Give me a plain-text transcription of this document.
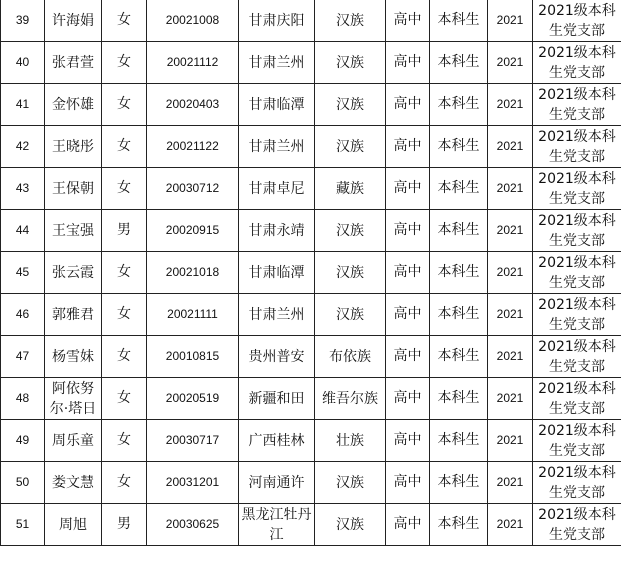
39	许海娟	女	20021008	甘肃庆阳	汉族	高中	本科生	2021	2021级本科生党支部
40	张君萱	女	20021112	甘肃兰州	汉族	高中	本科生	2021	2021级本科生党支部
41	金怀雄	女	20020403	甘肃临潭	汉族	高中	本科生	2021	2021级本科生党支部
42	王晓彤	女	20021122	甘肃兰州	汉族	高中	本科生	2021	2021级本科生党支部
43	王保朝	女	20030712	甘肃卓尼	藏族	高中	本科生	2021	2021级本科生党支部
44	王宝强	男	20020915	甘肃永靖	汉族	高中	本科生	2021	2021级本科生党支部
45	张云霞	女	20021018	甘肃临潭	汉族	高中	本科生	2021	2021级本科生党支部
46	郭雅君	女	20021111	甘肃兰州	汉族	高中	本科生	2021	2021级本科生党支部
47	杨雪妹	女	20010815	贵州普安	布依族	高中	本科生	2021	2021级本科生党支部
48	阿依努尔·塔日	女	20020519	新疆和田	维吾尔族	高中	本科生	2021	2021级本科生党支部
49	周乐童	女	20030717	广西桂林	壮族	高中	本科生	2021	2021级本科生党支部
50	娄文慧	女	20031201	河南通许	汉族	高中	本科生	2021	2021级本科生党支部
51	周旭	男	20030625	黑龙江牡丹江	汉族	高中	本科生	2021	2021级本科生党支部
